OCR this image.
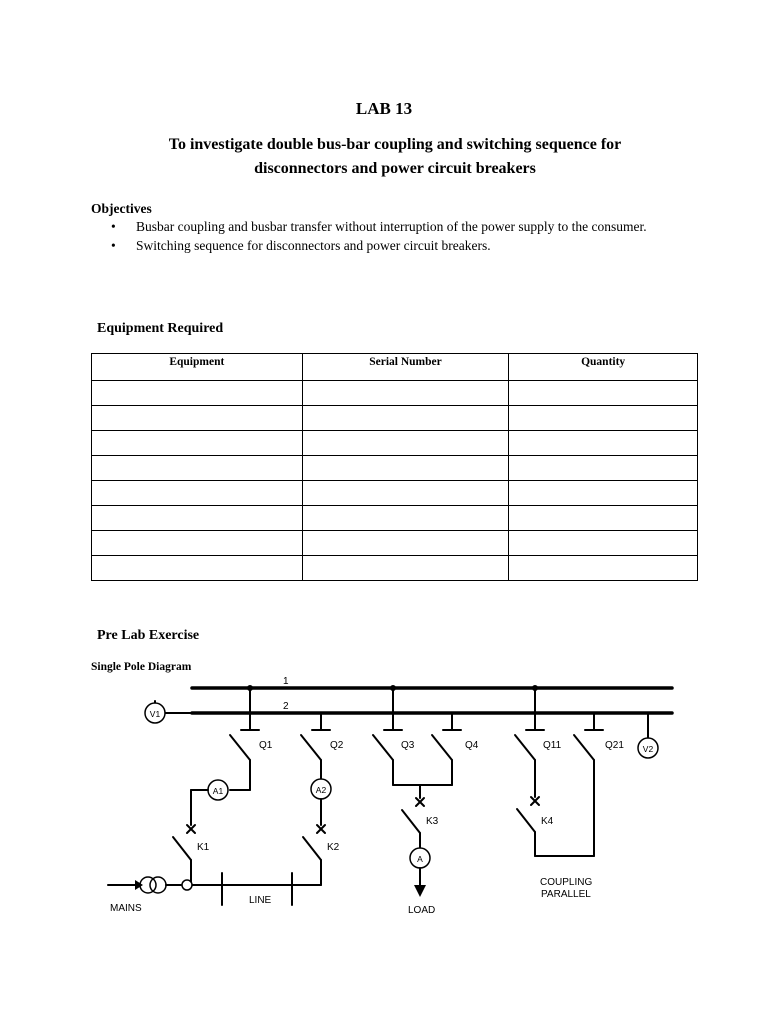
LAB 13
To investigate double bus-bar coupling and switching sequence for
disconnectors and power circuit breakers
Objectives
• Busbar coupling and busbar transfer without interruption of the power supply to the consumer.
• Switching sequence for disconnectors and power circuit breakers.
Equipment Required
Equipment	Serial Number	Quantity

Pre Lab Exercise
Single Pole Diagram
1
2
V1
V2
Q1	Q2	Q3	Q4	Q11	Q21
A1	A2
A
K1	K2
K3	K4
MAINS
LINE
LOAD
COUPLING
PARALLEL
